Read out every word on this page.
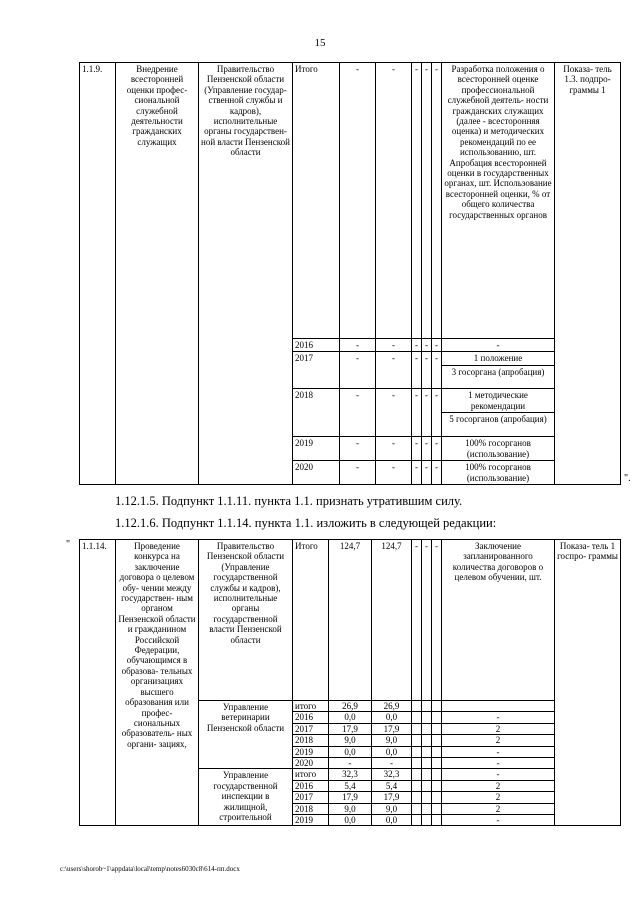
15
1.1.9.	Внедрение всесторонней оценки профес- сиональной служебной деятельности гражданских служащих	Правительство Пензенской области (Управление государ- ственной службы и кадров), исполнительные органы государствен- ной власти Пензенской области	Итого	-	-	-	-	-	Разработка положения о всесторонней оценке профессиональной служебной деятель- ности гражданских служащих (далее - всесторонняя оценка) и методических рекомендаций по ее использованию, шт. Апробация всесторонней оценки в государственных органах, шт. Использование всесторонней оценки, % от общего количества государственных органов	Показа- тель 1.3. подпро- граммы 1
			2016	-	-	-	-	-	-	
			2017	-	-	-	-	-	1 положение
3 госоргана (апробация)	

			2018	-	-	-	-	-	1 методические рекомендации
5 госорганов (апробация)	

			2019	-	-	-	-	-	100% госорганов (использование)	
			2020	-	-	-	-	-	100% госорганов (использование)		".
1.12.1.5. Подпункт 1.1.11. пункта 1.1. признать утратившим силу.
1.12.1.6. Подпункт 1.1.14. пункта 1.1. изложить в следующей редакции:
" 1.1.14.	Проведение конкурса на заключение договора о целевом обу- чении между государствен- ным органом Пензенской области и гражданином Российской Федерации, обучающимся в образова- тельных организациях высшего образования или профес- сиональных образователь- ных органи- зациях,	Правительство Пензенской области (Управление государственной службы и кадров), исполнительные органы государственной власти Пензенской области	Итого	124,7	124,7	-	-	-	Заключение запланированного количества договоров о целевом обучении, шт.	Показа- тель 1 госпро- граммы
		Управление ветеринарии Пензенской области	итого	26,9	26,9					
			2016	0,0	0,0				-	
			2017	17,9	17,9				2	
			2018	9,0	9,0				2	
			2019	0,0	0,0				-	
			2020	-	-				-	
		Управление государственной инспекции в жилищной, строительной	итого	32,3	32,3				-	
			2016	5,4	5,4				2	
			2017	17,9	17,9				2	
			2018	9,0	9,0				2	
			2019	0,0	0,0				-	
c:\users\shorob~1\appdata\local\temp\notes6030c8\614-пп.docx
